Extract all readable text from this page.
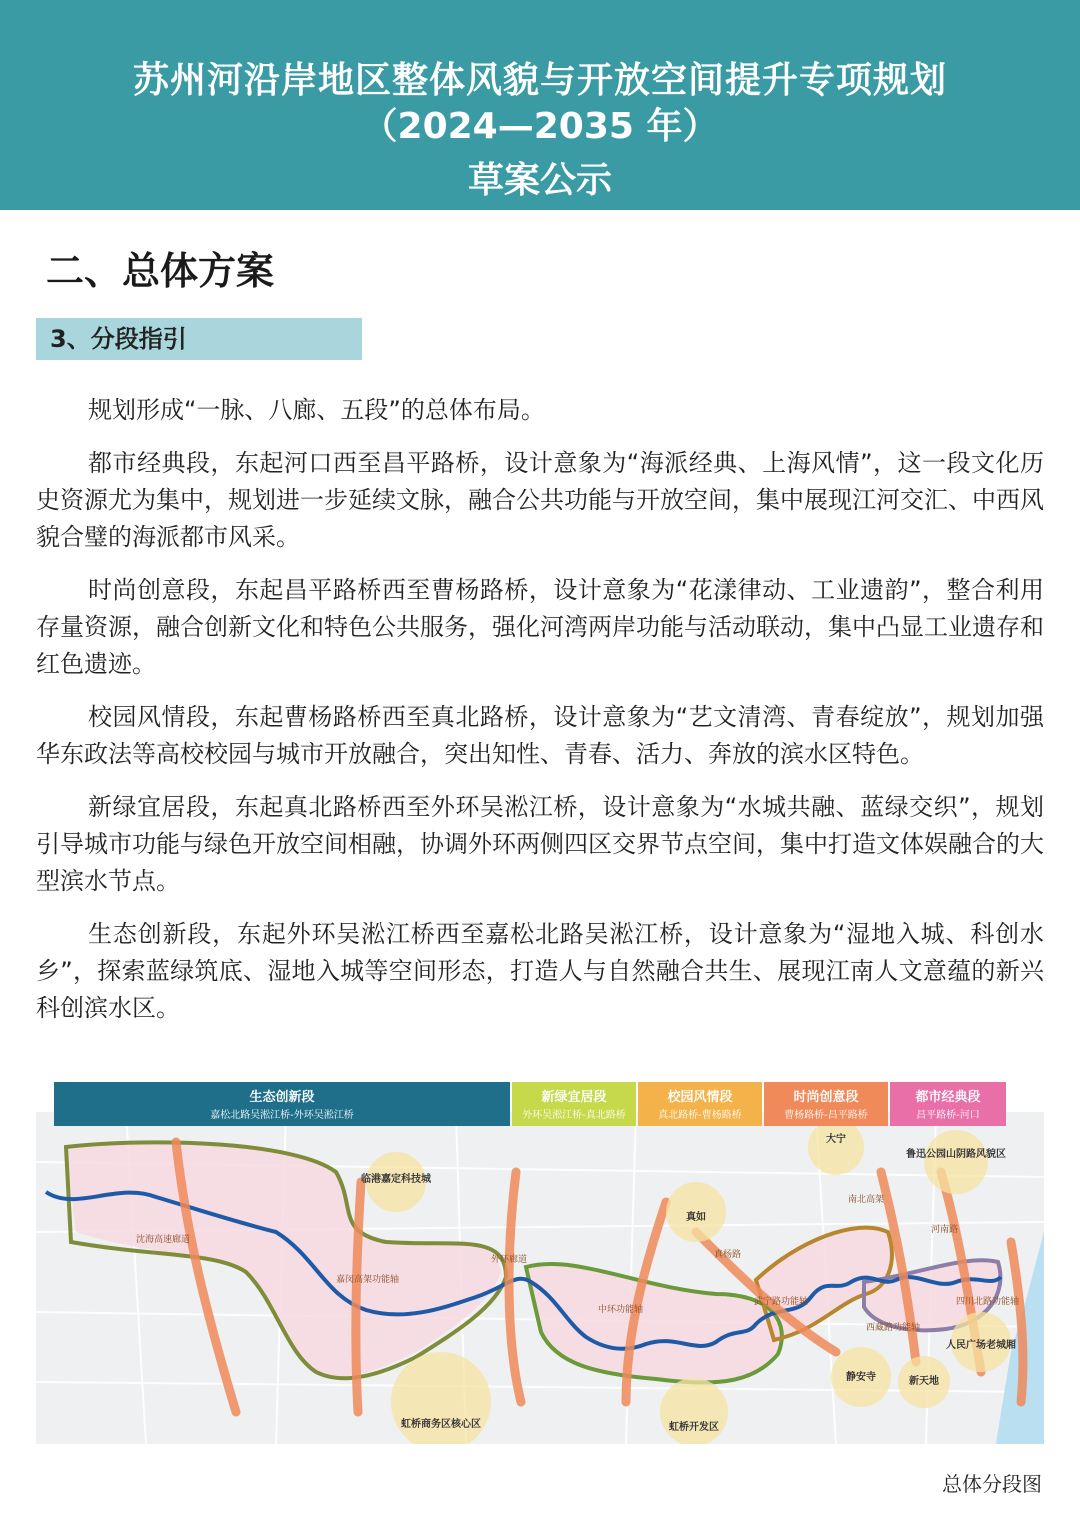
苏州河沿岸地区整体风貌与开放空间提升专项规划
（2024—2035 年）
草案公示
二、总体方案
3、分段指引

规划形成“一脉、八廊、五段”的总体布局。

都市经典段，东起河口西至昌平路桥，设计意象为“海派经典、上海风情”，这一段文化历史资源尤为集中，规划进一步延续文脉，融合公共功能与开放空间，集中展现江河交汇、中西风貌合璧的海派都市风采。

时尚创意段，东起昌平路桥西至曹杨路桥，设计意象为“花漾律动、工业遗韵”，整合利用存量资源，融合创新文化和特色公共服务，强化河湾两岸功能与活动联动，集中凸显工业遗存和红色遗迹。

校园风情段，东起曹杨路桥西至真北路桥，设计意象为“艺文清湾、青春绽放”，规划加强华东政法等高校校园与城市开放融合，突出知性、青春、活力、奔放的滨水区特色。

新绿宜居段，东起真北路桥西至外环吴淞江桥，设计意象为“水城共融、蓝绿交织”，规划引导城市功能与绿色开放空间相融，协调外环两侧四区交界节点空间，集中打造文体娱融合的大型滨水节点。

生态创新段，东起外环吴淞江桥西至嘉松北路吴淞江桥，设计意象为“湿地入城、科创水乡”，探索蓝绿筑底、湿地入城等空间形态，打造人与自然融合共生、展现江南人文意蕴的新兴科创滨水区。

临港嘉定科技城
虹桥商务区核心区	虹桥开发区
真如
大宁
静安寺	新天地
鲁迅公园山阴路风貌区
人民广场老城厢
沈海高速廊道
嘉闵高架功能轴
外环廊道
中环功能轴
真杨路
武宁路功能轴
南北高架
西藏路功能轴
河南路
四川北路功能轴
生态创新段
嘉松北路吴淞江桥-外环吴淞江桥
新绿宜居段
外环吴淞江桥-真北路桥
校园风情段
真北路桥-曹杨路桥
时尚创意段
曹杨路桥-昌平路桥
都市经典段
昌平路桥-河口
总体分段图
